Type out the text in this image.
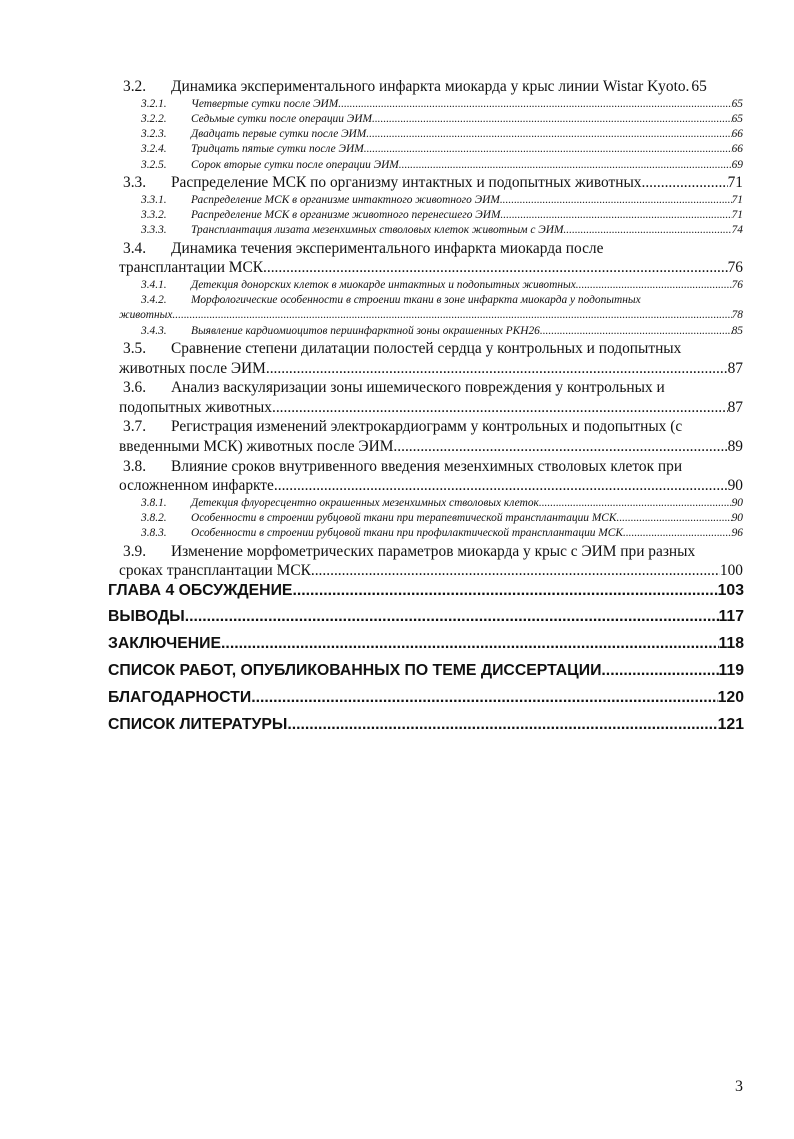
3.2.	Динамика экспериментального инфаркта миокарда у крыс линии Wistar Kyoto. 65
3.2.1.	Четвертые сутки после ЭИМ. .....	65
3.2.2.	Седьмые сутки после операции ЭИМ. .....	65
3.2.3.	Двадцать первые сутки после ЭИМ. .....	66
3.2.4.	Тридцать пятые сутки после ЭИМ. .....	66
3.2.5.	Сорок вторые сутки после операции ЭИМ. .....	69
3.3.	Распределение МСК по организму интактных и подопытных животных .....	71
3.3.1.	Распределение МСК в организме интактного животного ЭИМ. .....	71
3.3.2.	Распределение МСК в организме животного перенесшего ЭИМ. .....	71
3.3.3.	Трансплантация лизата мезенхимных стволовых клеток животным с ЭИМ. .....	74
3.4. Динамика течения экспериментального инфаркта миокарда после
трансплантации МСК. .....	76
3.4.1.	Детекция донорских клеток в миокарде интактных и подопытных животных. .....	76
3.4.2. Морфологические особенности в строении ткани в зоне инфаркта миокарда у подопытных
животных. .....	78
3.4.3.	Выявление кардиомиоцитов периинфарктной зоны окрашенных PKH26. .....	85
3.5. Сравнение степени дилатации полостей сердца у контрольных и подопытных
животных после ЭИМ. .....	87
3.6. Анализ васкуляризации зоны ишемического повреждения у контрольных и
подопытных животных. .....	87
3.7. Регистрация изменений электрокардиограмм у контрольных и подопытных (с
введенными МСК) животных после ЭИМ. .....	89
3.8. Влияние сроков внутривенного введения мезенхимных стволовых клеток при
осложненном инфаркте. .....	90
3.8.1.	Детекция флуоресцентно окрашенных мезенхимных стволовых клеток. .....	90
3.8.2.	Особенности в строении рубцовой ткани при терапевтической трансплантации МСК. .....	90
3.8.3.	Особенности в строении рубцовой ткани при профилактической трансплантации МСК. .....	96
3.9. Изменение морфометрических параметров миокарда у крыс с ЭИМ при разных
сроках трансплантации МСК. .....	100
ГЛАВА 4 ОБСУЖДЕНИЕ .....	103
ВЫВОДЫ .....	117
ЗАКЛЮЧЕНИЕ .....	118
СПИСОК РАБОТ, ОПУБЛИКОВАННЫХ ПО ТЕМЕ ДИССЕРТАЦИИ .....	119
БЛАГОДАРНОСТИ .....	120
СПИСОК ЛИТЕРАТУРЫ .....	121
3
